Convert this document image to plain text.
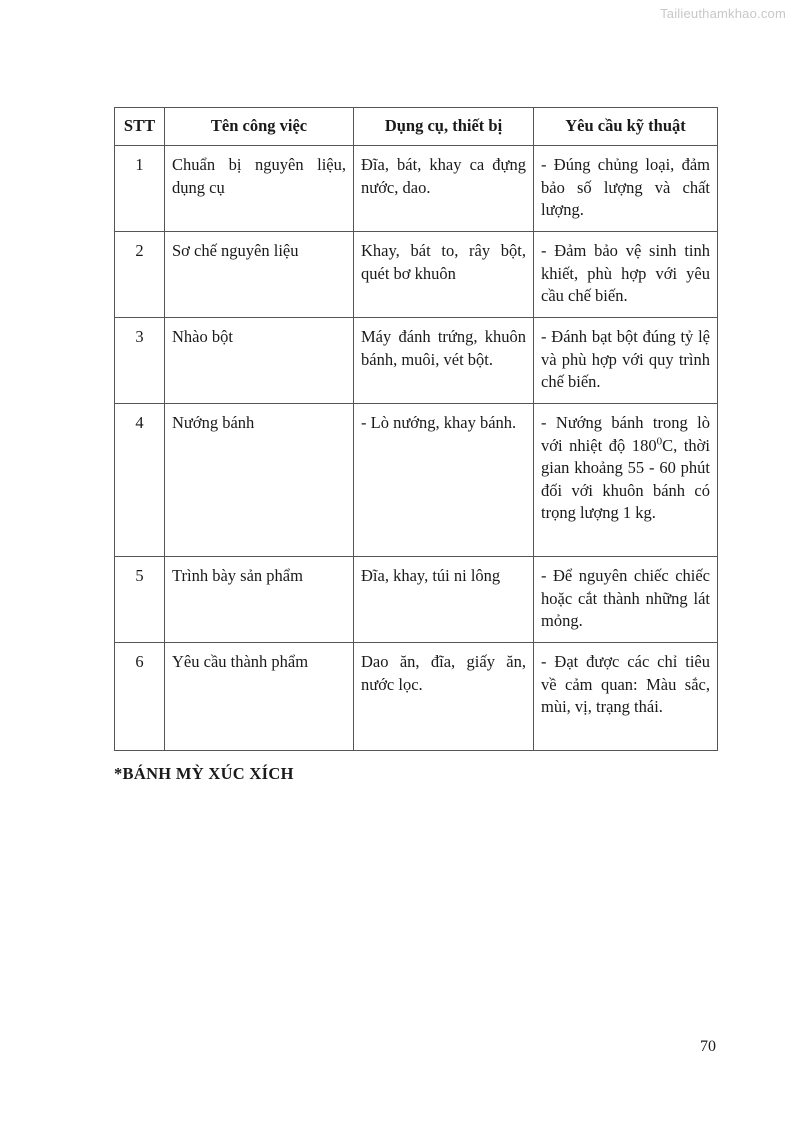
Tailieuthamkhao.com
STT	Tên công việc	Dụng cụ, thiết bị	Yêu cầu kỹ thuật
1	Chuẩn bị nguyên liệu, dụng cụ	Đĩa, bát, khay ca đựng nước, dao.	- Đúng chủng loại, đảm bảo số lượng và chất lượng.
2	Sơ chế nguyên liệu	Khay, bát to, rây bột, quét bơ khuôn	- Đảm bảo vệ sinh tinh khiết, phù hợp với yêu cầu chế biến.
3	Nhào bột	Máy đánh trứng, khuôn bánh, muôi, vét bột.	- Đánh bạt bột đúng tỷ lệ và phù hợp với quy trình chế biến.
4	Nướng bánh	- Lò nướng, khay bánh.	- Nướng bánh trong lò với nhiệt độ $180^0C$, thời gian khoảng 55 - 60 phút đối với khuôn bánh có trọng lượng 1 kg.
5	Trình bày sản phẩm	Đĩa, khay, túi ni lông	- Để nguyên chiếc chiếc hoặc cắt thành những lát mỏng.
6	Yêu cầu thành phẩm	Dao ăn, đĩa, giấy ăn, nước lọc.	- Đạt được các chỉ tiêu về cảm quan: Màu sắc, mùi, vị, trạng thái.
*BÁNH MỲ XÚC XÍCH
70
